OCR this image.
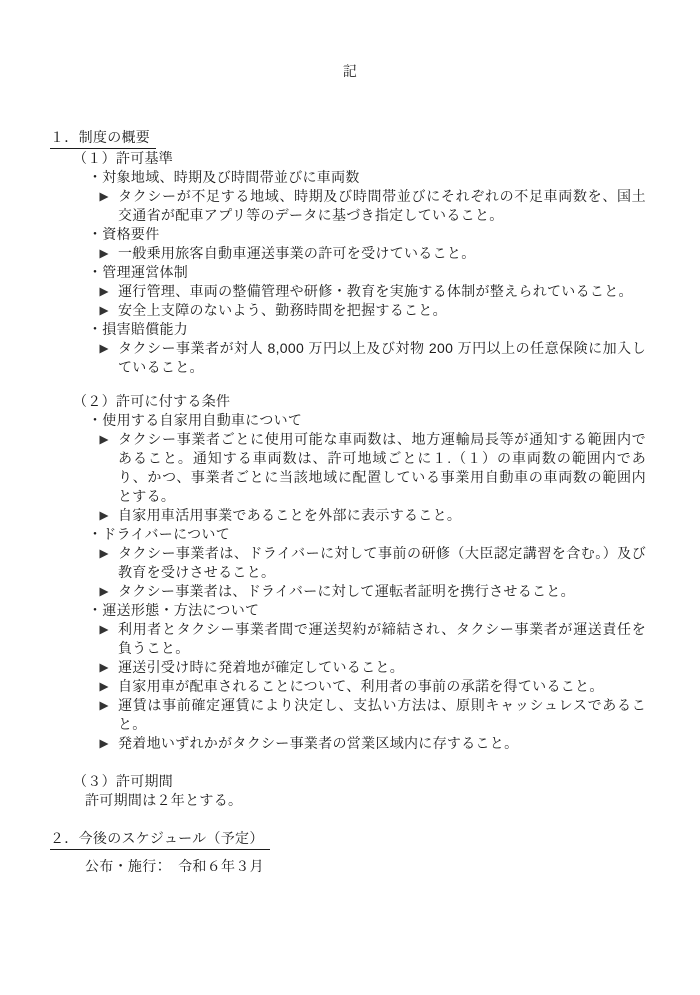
記
１．制度の概要
（１）許可基準
・対象地域、時期及び時間帯並びに車両数
タクシーが不足する地域、時期及び時間帯並びにそれぞれの不足車両数を、国土交通省が配車アプリ等のデータに基づき指定していること。
・資格要件
一般乗用旅客自動車運送事業の許可を受けていること。
・管理運営体制
運行管理、車両の整備管理や研修・教育を実施する体制が整えられていること。
安全上支障のないよう、勤務時間を把握すること。
・損害賠償能力
タクシー事業者が対人 8,000 万円以上及び対物 200 万円以上の任意保険に加入していること。
（２）許可に付する条件
・使用する自家用自動車について
タクシー事業者ごとに使用可能な車両数は、地方運輸局長等が通知する範囲内であること。通知する車両数は、許可地域ごとに１.（１）の車両数の範囲内であり、かつ、事業者ごとに当該地域に配置している事業用自動車の車両数の範囲内とする。
自家用車活用事業であることを外部に表示すること。
・ドライバーについて
タクシー事業者は、ドライバーに対して事前の研修（大臣認定講習を含む。）及び教育を受けさせること。
タクシー事業者は、ドライバーに対して運転者証明を携行させること。
・運送形態・方法について
利用者とタクシー事業者間で運送契約が締結され、タクシー事業者が運送責任を負うこと。
運送引受け時に発着地が確定していること。
自家用車が配車されることについて、利用者の事前の承諾を得ていること。
運賃は事前確定運賃により決定し、支払い方法は、原則キャッシュレスであること。
発着地いずれかがタクシー事業者の営業区域内に存すること。
（３）許可期間
許可期間は２年とする。
２．今後のスケジュール（予定）
公布・施行：　令和６年３月
